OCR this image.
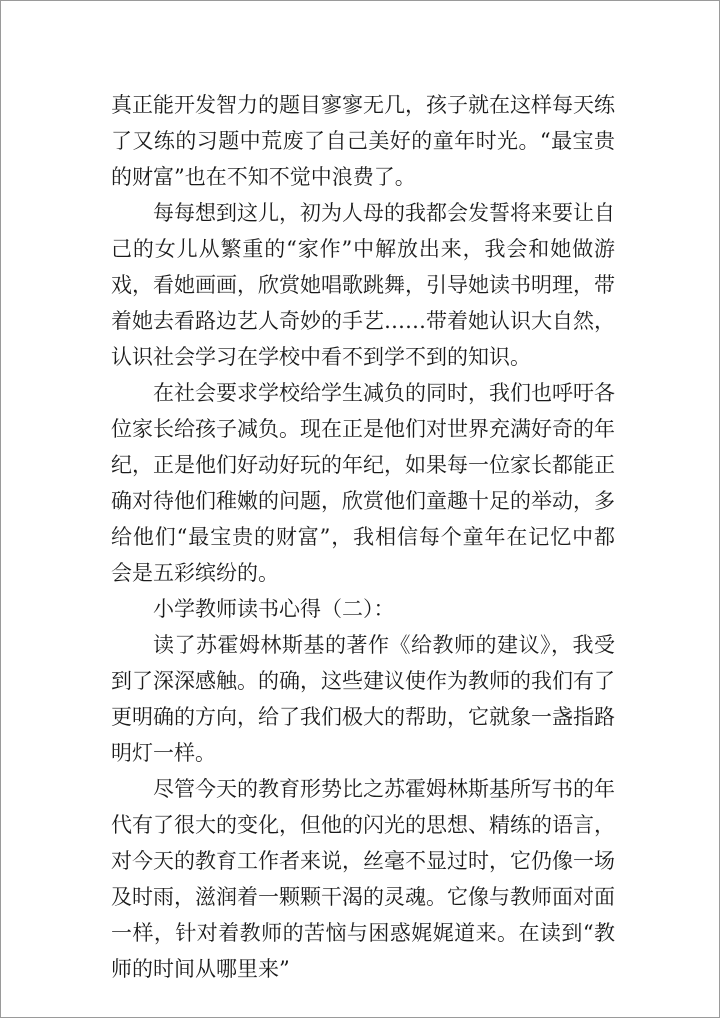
真正能开发智力的题目寥寥无几，孩子就在这样每天练了又练的习题中荒废了自己美好的童年时光。“最宝贵的财富”也在不知不觉中浪费了。

每每想到这儿，初为人母的我都会发誓将来要让自己的女儿从繁重的“家作”中解放出来，我会和她做游戏，看她画画，欣赏她唱歌跳舞，引导她读书明理，带着她去看路边艺人奇妙的手艺……带着她认识大自然，认识社会学习在学校中看不到学不到的知识。

在社会要求学校给学生减负的同时，我们也呼吁各位家长给孩子减负。现在正是他们对世界充满好奇的年纪，正是他们好动好玩的年纪，如果每一位家长都能正确对待他们稚嫩的问题，欣赏他们童趣十足的举动，多给他们“最宝贵的财富”，我相信每个童年在记忆中都会是五彩缤纷的。

小学教师读书心得（二）：

读了苏霍姆林斯基的著作《给教师的建议》，我受到了深深感触。的确，这些建议使作为教师的我们有了更明确的方向，给了我们极大的帮助，它就象一盏指路明灯一样。

尽管今天的教育形势比之苏霍姆林斯基所写书的年代有了很大的变化，但他的闪光的思想、精练的语言，对今天的教育工作者来说，丝毫不显过时，它仍像一场及时雨，滋润着一颗颗干渴的灵魂。它像与教师面对面一样，针对着教师的苦恼与困惑娓娓道来。在读到“教师的时间从哪里来”
